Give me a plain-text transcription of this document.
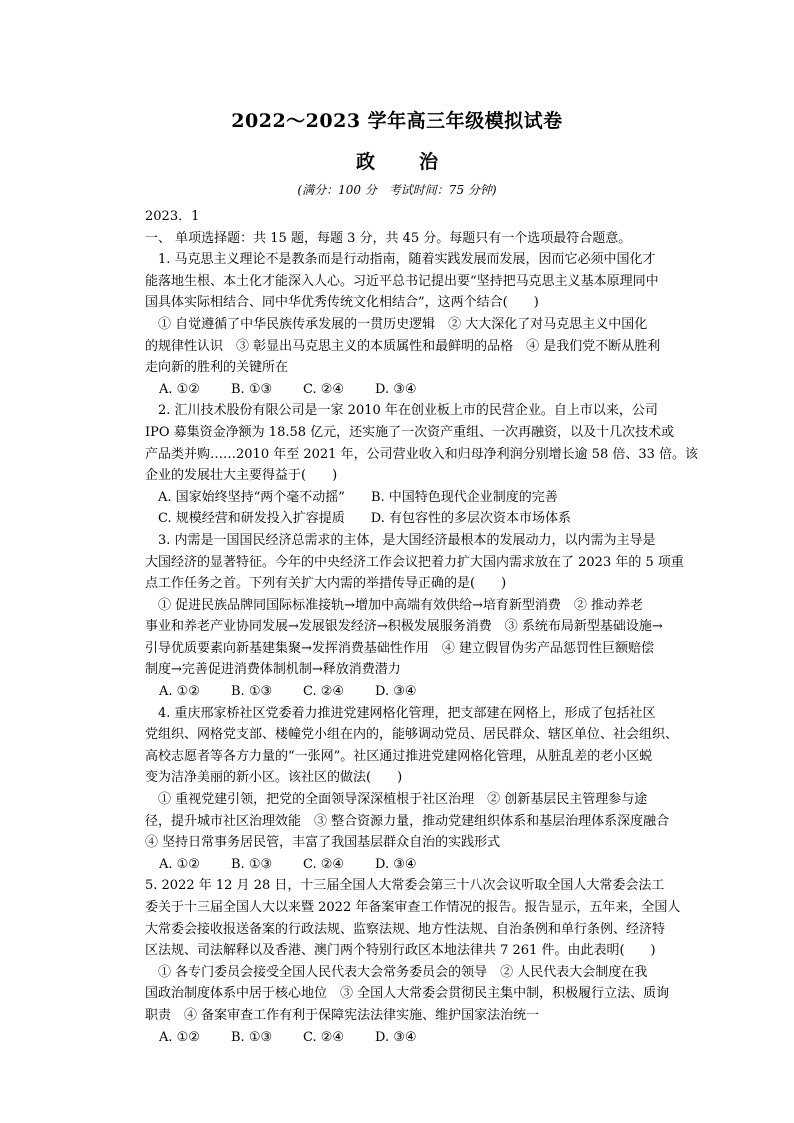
2022～2023 学年高三年级模拟试卷
政 治
(满分：100 分　考试时间：75 分钟)
2023．1
一、 单项选择题：共 15 题，每题 3 分，共 45 分。每题只有一个选项最符合题意。
　1. 马克思主义理论不是教条而是行动指南，随着实践发展而发展，因而它必须中国化才
能落地生根、本土化才能深入人心。习近平总书记提出要“坚持把马克思主义基本原理同中
国具体实际相结合、同中华优秀传统文化相结合”，这两个结合(　　)
　① 自觉遵循了中华民族传承发展的一贯历史逻辑　② 大大深化了对马克思主义中国化
的规律性认识　③ 彰显出马克思主义的本质属性和最鲜明的品格　④ 是我们党不断从胜利
走向新的胜利的关键所在
A. ①②	B. ①③	C. ②④	D. ③④
　2. 汇川技术股份有限公司是一家 2010 年在创业板上市的民营企业。自上市以来，公司
IPO 募集资金净额为 18.58 亿元，还实施了一次资产重组、一次再融资，以及十几次技术或
产品类并购……2010 年至 2021 年，公司营业收入和归母净利润分别增长逾 58 倍、33 倍。该
企业的发展壮大主要得益于(　　)
　A. 国家始终坚持“两个毫不动摇”　　B. 中国特色现代企业制度的完善
　C. 规模经营和研发投入扩容提质　　D. 有包容性的多层次资本市场体系
　3. 内需是一国国民经济总需求的主体，是大国经济最根本的发展动力，以内需为主导是
大国经济的显著特征。今年的中央经济工作会议把着力扩大国内需求放在了 2023 年的 5 项重
点工作任务之首。下列有关扩大内需的举措传导正确的是(　　)
　① 促进民族品牌同国际标准接轨→增加中高端有效供给→培育新型消费　② 推动养老
事业和养老产业协同发展→发展银发经济→积极发展服务消费　③ 系统布局新型基础设施→
引导优质要素向新基建集聚→发挥消费基础性作用　④ 建立假冒伪劣产品惩罚性巨额赔偿
制度→完善促进消费体制机制→释放消费潜力
A. ①②	B. ①③	C. ②④	D. ③④
　4. 重庆邢家桥社区党委着力推进党建网格化管理，把支部建在网格上，形成了包括社区
党组织、网格党支部、楼幢党小组在内的，能够调动党员、居民群众、辖区单位、社会组织、
高校志愿者等各方力量的“一张网”。社区通过推进党建网格化管理，从脏乱差的老小区蜕
变为洁净美丽的新小区。该社区的做法(　　)
　① 重视党建引领，把党的全面领导深深植根于社区治理　② 创新基层民主管理参与途
径，提升城市社区治理效能　③ 整合资源力量，推动党建组织体系和基层治理体系深度融合
④ 坚持日常事务居民管，丰富了我国基层群众自治的实践形式
A. ①②	B. ①③	C. ②④	D. ③④
5. 2022 年 12 月 28 日，十三届全国人大常委会第三十八次会议听取全国人大常委会法工
委关于十三届全国人大以来暨 2022 年备案审查工作情况的报告。报告显示，五年来，全国人
大常委会接收报送备案的行政法规、监察法规、地方性法规、自治条例和单行条例、经济特
区法规、司法解释以及香港、澳门两个特别行政区本地法律共 7 261 件。由此表明(　　)
　① 各专门委员会接受全国人民代表大会常务委员会的领导　② 人民代表大会制度在我
国政治制度体系中居于核心地位　③ 全国人大常委会贯彻民主集中制，积极履行立法、质询
职责　④ 备案审查工作有利于保障宪法法律实施、维护国家法治统一
A. ①②	B. ①③	C. ②④	D. ③④
